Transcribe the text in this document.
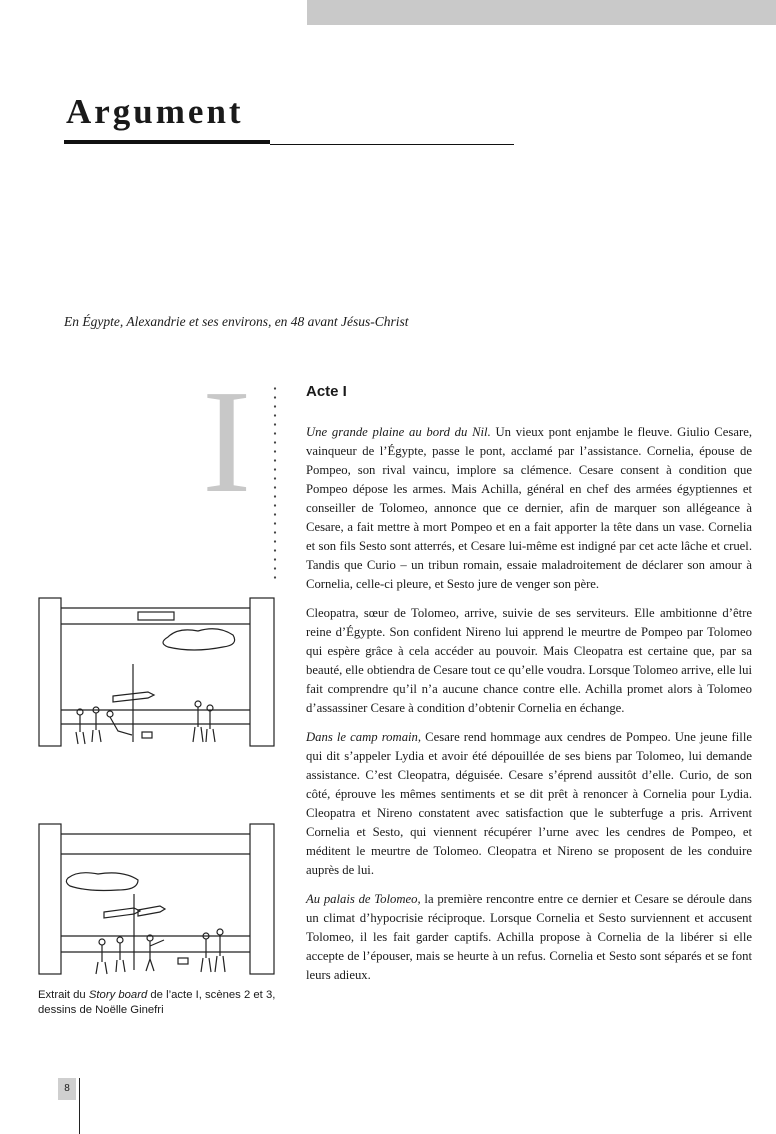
Argument

En Égypte, Alexandrie et ses environs, en 48 avant Jésus-Christ

I	Acte I

Une grande plaine au bord du Nil. Un vieux pont enjambe le fleuve. Giulio Cesare, vainqueur de l’Égypte, passe le pont, acclamé par l’assistance. Cornelia, épouse de Pompeo, son rival vaincu, implore sa clémence. Cesare consent à condition que Pompeo dépose les armes. Mais Achilla, général en chef des armées égyptiennes et conseiller de Tolomeo, annonce que ce dernier, afin de marquer son allégeance à Cesare, a fait mettre à mort Pompeo et en a fait apporter la tête dans un vase. Cornelia et son fils Sesto sont atterrés, et Cesare lui-même est indigné par cet acte lâche et cruel. Tandis que Curio – un tribun romain, essaie maladroitement de déclarer son amour à Cornelia, celle-ci pleure, et Sesto jure de venger son père.

Cleopatra, sœur de Tolomeo, arrive, suivie de ses serviteurs. Elle ambitionne d’être reine d’Égypte. Son confident Nireno lui apprend le meurtre de Pompeo par Tolomeo qui espère grâce à cela accéder au pouvoir. Mais Cleopatra est certaine que, par sa beauté, elle obtiendra de Cesare tout ce qu’elle voudra. Lorsque Tolomeo arrive, elle lui fait comprendre qu’il n’a aucune chance contre elle. Achilla promet alors à Tolomeo d’assassiner Cesare à condition d’obtenir Cornelia en échange.

Dans le camp romain, Cesare rend hommage aux cendres de Pompeo. Une jeune fille qui dit s’appeler Lydia et avoir été dépouillée de ses biens par Tolomeo, lui demande assistance. C’est Cleopatra, déguisée. Cesare s’éprend aussitôt d’elle. Curio, de son côté, éprouve les mêmes sentiments et se dit prêt à renoncer à Cornelia pour Lydia. Cleopatra et Nireno constatent avec satisfaction que le subterfuge a pris. Arrivent Cornelia et Sesto, qui viennent récupérer l’urne avec les cendres de Pompeo, et méditent le meurtre de Tolomeo. Cleopatra et Nireno se proposent de les conduire auprès de lui.

Au palais de Tolomeo, la première rencontre entre ce dernier et Cesare se déroule dans un climat d’hypocrisie réciproque. Lorsque Cornelia et Sesto surviennent et accusent Tolomeo, il les fait garder captifs. Achilla propose à Cornelia de la libérer si elle accepte de l’épouser, mais se heurte à un refus. Cornelia et Sesto sont séparés et se font leurs adieux.

Extrait du Story board de l’acte I, scènes 2 et 3, dessins de Noëlle Ginefri

8
